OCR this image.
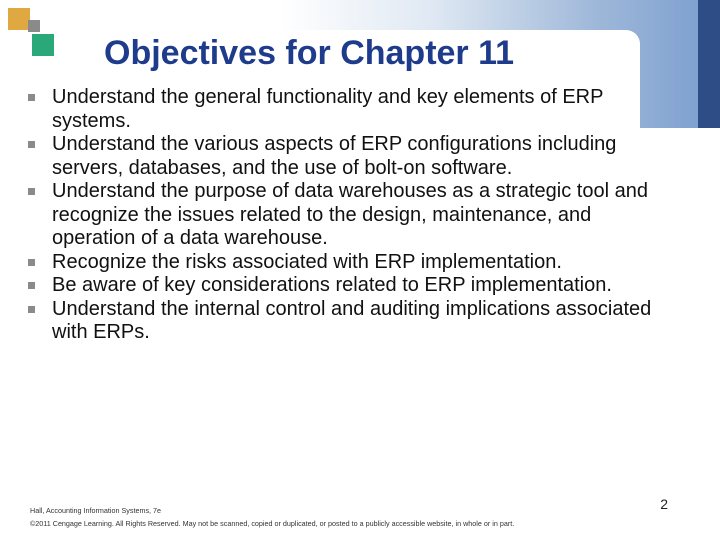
Objectives for Chapter 11
Understand the general functionality and key elements of ERP systems.
Understand the various aspects of ERP configurations including servers, databases, and the use of bolt-on software.
Understand the purpose of data warehouses as a strategic tool and recognize the issues related to the design, maintenance, and operation of a data warehouse.
Recognize the risks associated with ERP implementation.
Be aware of key considerations related to ERP implementation.
Understand the internal control and auditing implications associated with ERPs.
Hall, Accounting Information Systems, 7e
©2011 Cengage Learning. All Rights Reserved. May not be scanned, copied or duplicated, or posted to a publicly accessible website, in whole or in part.
2
